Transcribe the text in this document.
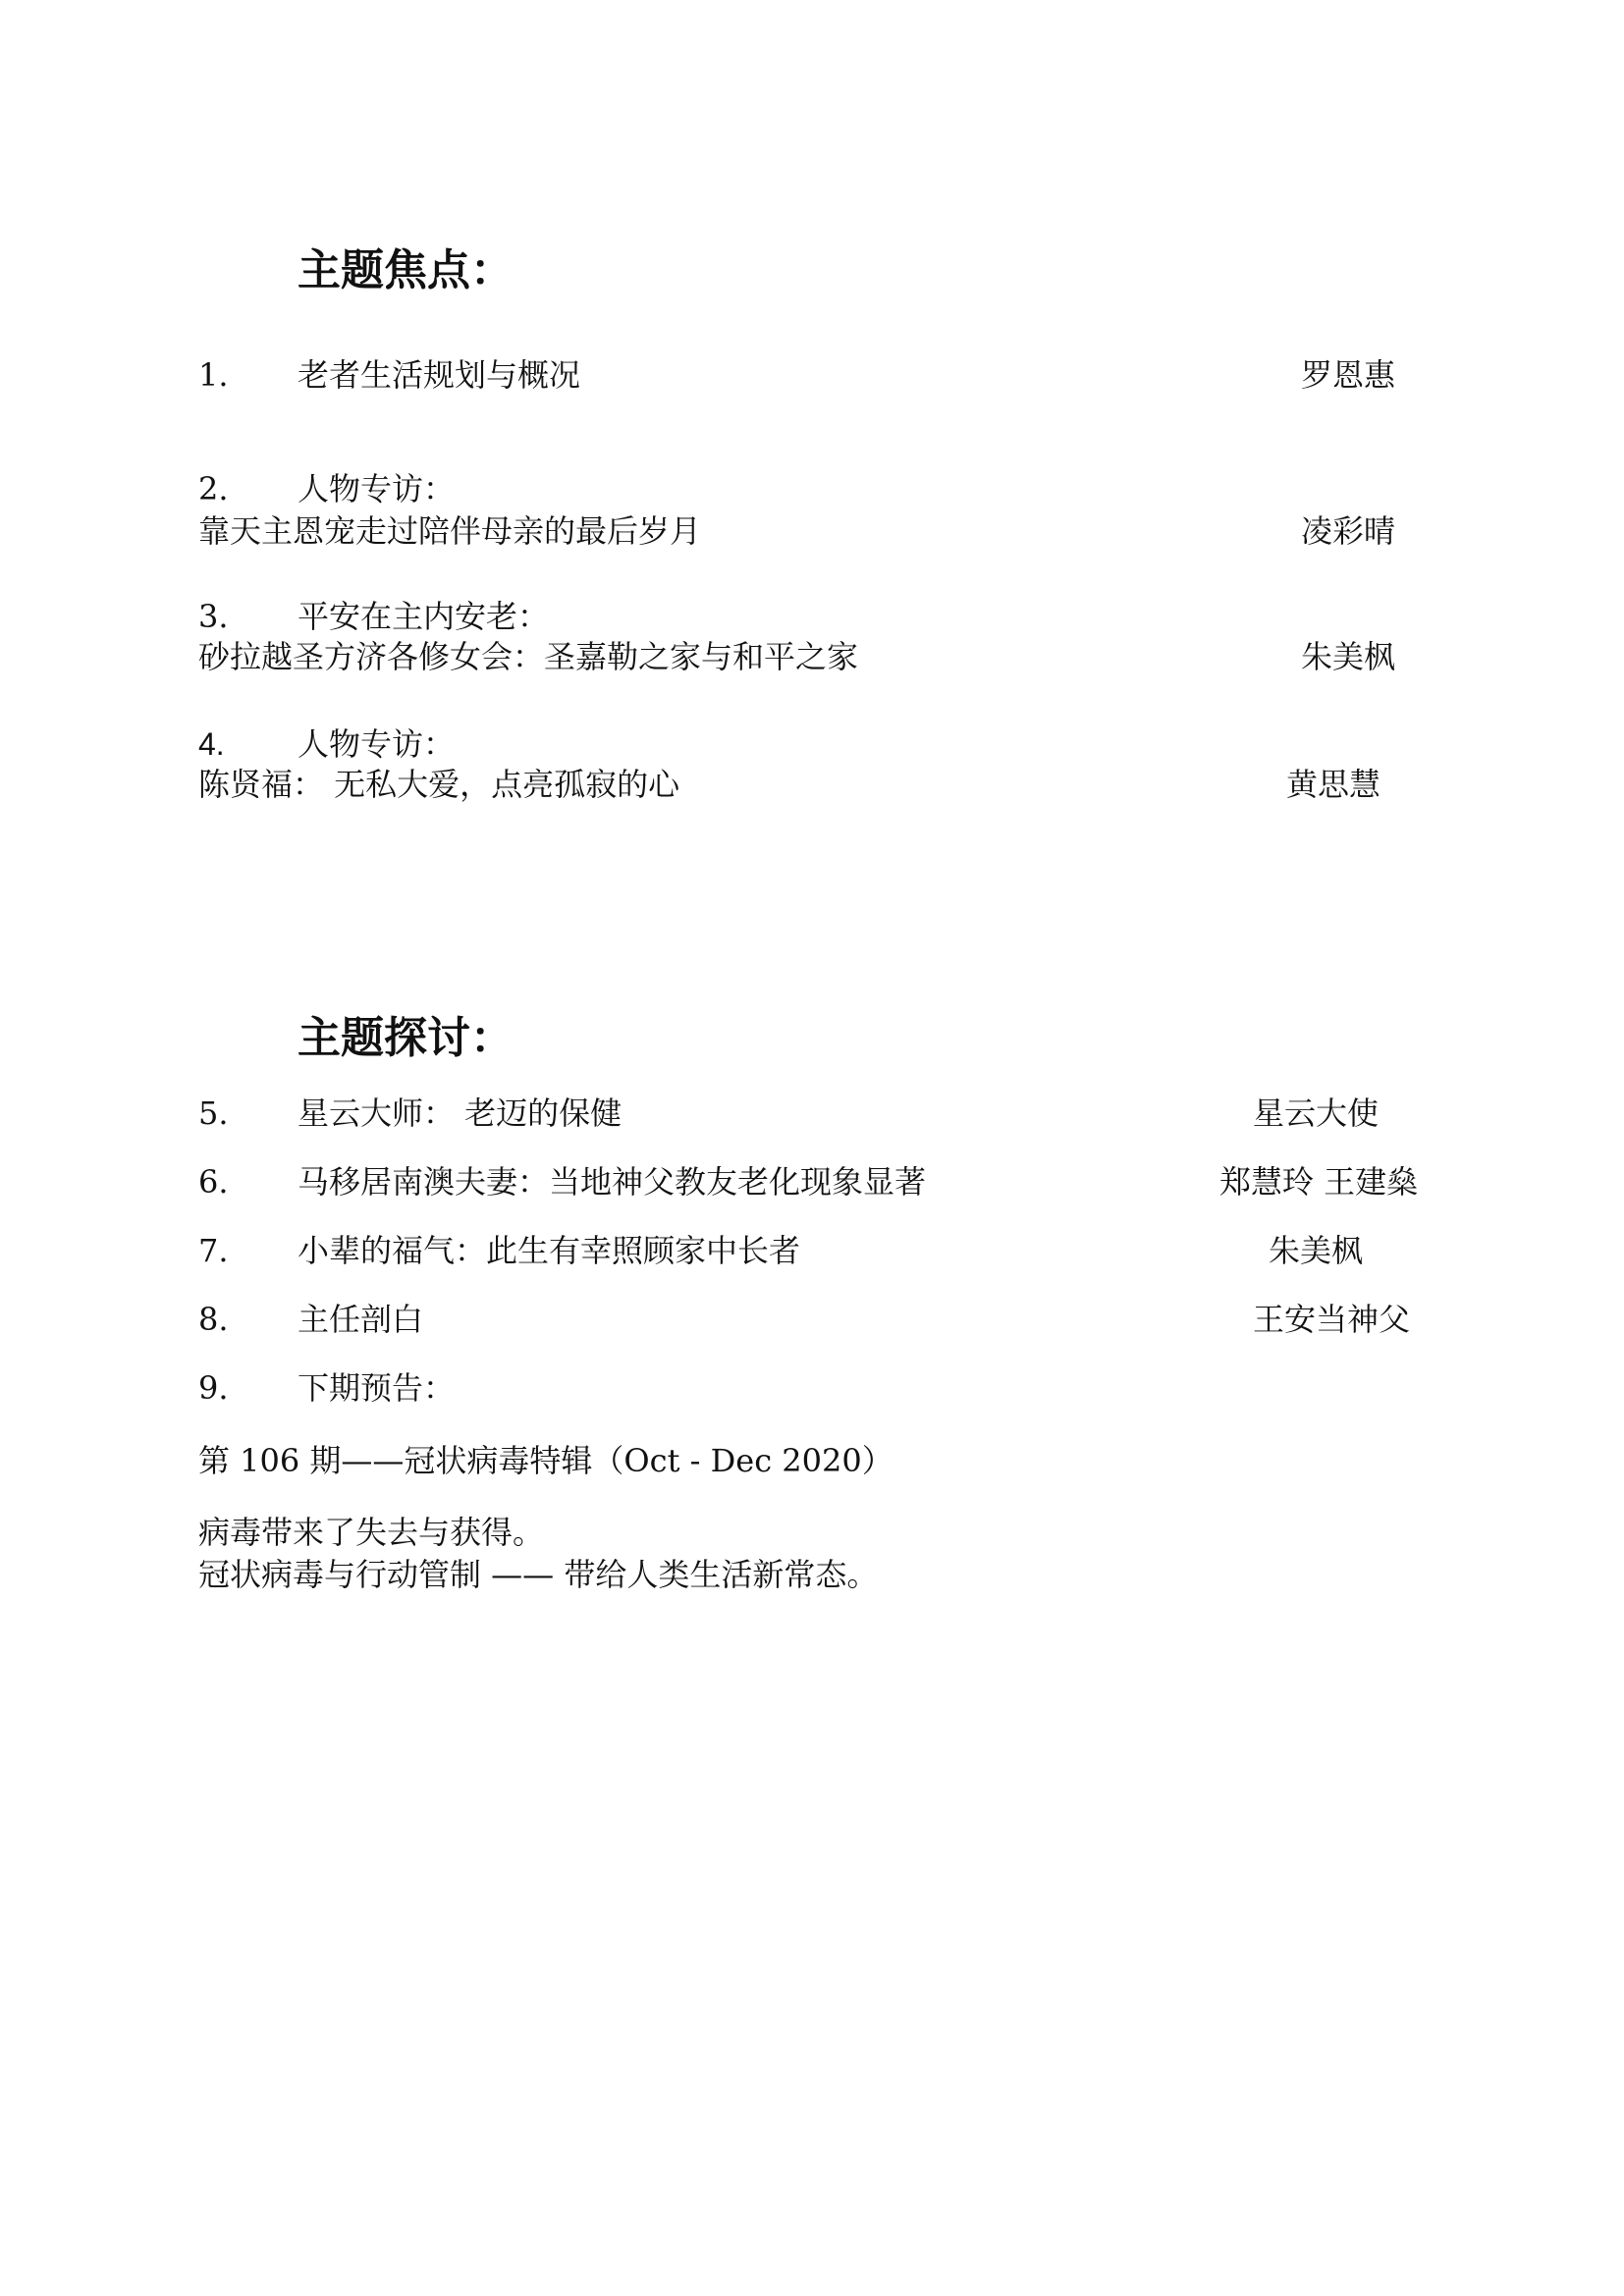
主题焦点：
1. 老者生活规划与概况	罗恩惠
2. 人物专访：
靠天主恩宠走过陪伴母亲的最后岁月	凌彩晴
3. 平安在主内安老：
砂拉越圣方济各修女会：圣嘉勒之家与和平之家	朱美枫
4. 人物专访：
陈贤福： 无私大爱，点亮孤寂的心	黄思慧
主题探讨：
5. 星云大师： 老迈的保健	星云大使
6. 马移居南澳夫妻：当地神父教友老化现象显著	郑慧玲 王建燊
7. 小辈的福气：此生有幸照顾家中长者	朱美枫
8. 主任剖白	王安当神父
9. 下期预告：
第 106 期——冠状病毒特辑（Oct - Dec 2020）
病毒带来了失去与获得。
冠状病毒与行动管制 —— 带给人类生活新常态。
